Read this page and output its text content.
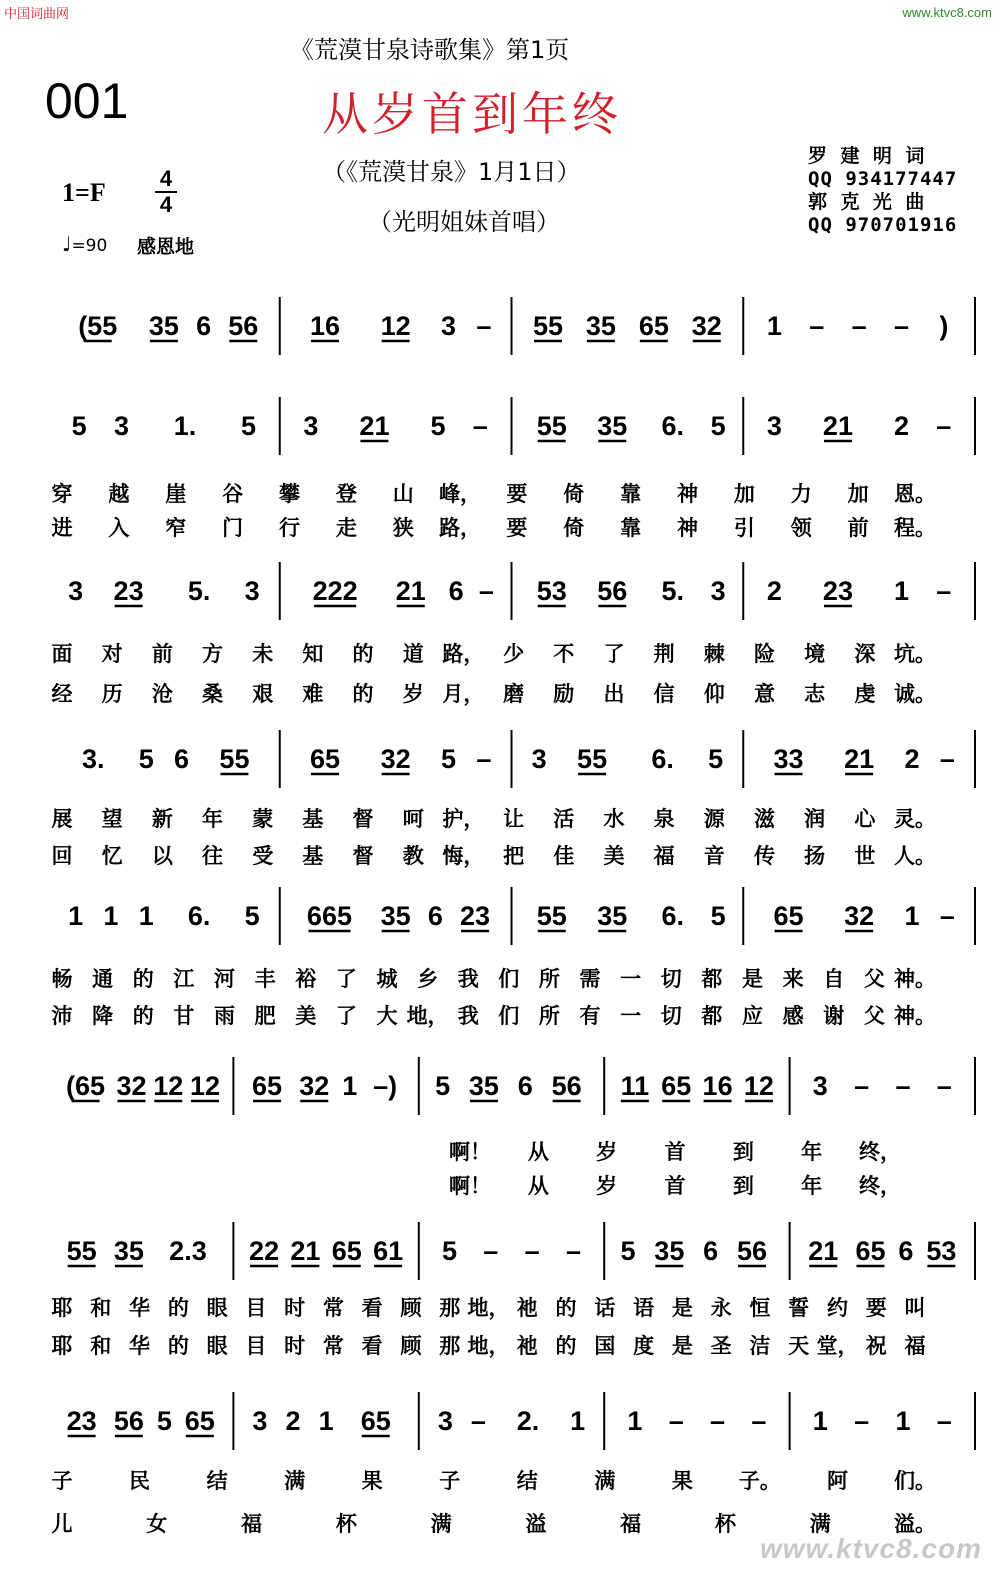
中国词曲网	www.ktvc8.com
《荒漠甘泉诗歌集》第1页
001	从岁首到年终
（《荒漠甘泉》1月1日）
（光明姐妹首唱）
罗 建 明 词
QQ 934177447
郭 克 光 曲
QQ 970701916
1=F 4
4
♩=90 感恩地
(55 35 6 56 16 12 3 – 55 35 65 32 1 – – – )
5 3 1. 5 3 21 5 – 55 35 6. 5 3 21 2 –
穿 越 崖 谷 攀 登 山 峰， 要 倚 靠 神 加 力 加 恩。
进 入 窄 门 行 走 狭 路， 要 倚 靠 神 引 领 前 程。
3 23 5. 3 222 21 6 – 53 56 5. 3 2 23 1 –
面 对 前 方 未 知 的 道 路， 少 不 了 荆 棘 险 境 深 坑。
经 历 沧 桑 艰 难 的 岁 月， 磨 励 出 信 仰 意 志 虔 诚。
3. 5 6 55 65 32 5 – 3 55 6. 5 33 21 2 –
展 望 新 年 蒙 基 督 呵 护， 让 活 水 泉 源 滋 润 心 灵。
回 忆 以 往 受 基 督 教 悔， 把 佳 美 福 音 传 扬 世 人。
1 1 1 6. 5 665 35 6 23 55 35 6. 5 65 32 1 –
畅 通 的 江 河 丰 裕 了 城 乡 我 们 所 需 一 切 都 是 来 自 父 神。
沛 降 的 甘 雨 肥 美 了 大 地， 我 们 所 有 一 切 都 应 感 谢 父 神。
(65 32 12 12 65 32 1 –) 5 35 6 56 11 65 16 12 3 – – –
啊！ 从 岁 首 到 年 终，
啊！ 从 岁 首 到 年 终，
55 35 2.3 22 21 65 61 5 – – – 5 35 6 56 21 65 6 53
耶 和 华 的 眼 目 时 常 看 顾 那 地， 祂 的 话 语 是 永 恒 誓 约 要 叫
耶 和 华 的 眼 目 时 常 看 顾 那 地， 祂 的 国 度 是 圣 洁 天 堂， 祝 福
23 56 5 65 3 2 1 65 3 – 2. 1 1 – – – 1 – 1 –
子	民	结	满	果	子	结	满	果 子。 阿 们。
儿	女	福	杯	满	溢	福	杯	满	溢。
www.ktvc8.com
